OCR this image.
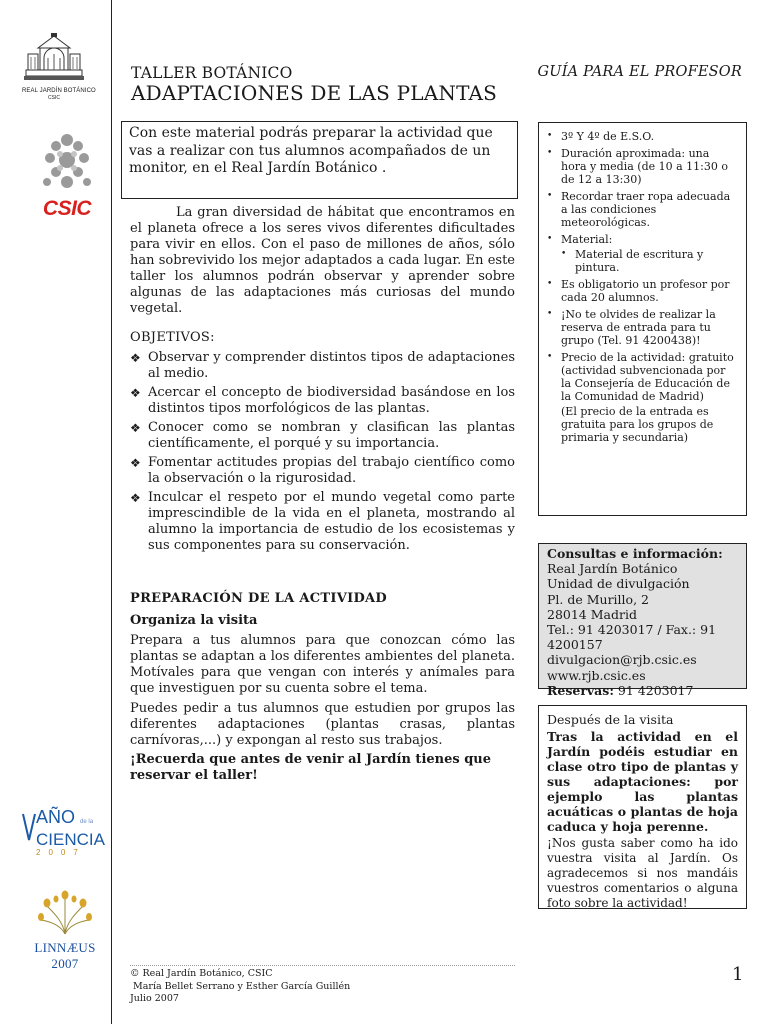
REAL JARDÍN BOTÁNICO
CSIC
CSIC
AÑO de la
CIENCIA
2007
LINNÆUS 2007
TALLER BOTÁNICO
ADAPTACIONES DE LAS PLANTAS
GUÍA PARA EL PROFESOR
Con este material podrás preparar la actividad que vas a realizar con tus alumnos acompañados de un monitor, en el Real Jardín Botánico .
La gran diversidad de hábitat que encontramos en el planeta ofrece a los seres vivos diferentes dificultades para vivir en ellos. Con el paso de millones de años, sólo han sobrevivido los mejor adaptados a cada lugar. En este taller los alumnos podrán observar y aprender sobre algunas de las adaptaciones más curiosas del mundo vegetal.
OBJETIVOS:
❖ Observar y comprender distintos tipos de adaptaciones al medio.
❖ Acercar el concepto de biodiversidad basándose en los distintos tipos morfológicos de las plantas.
❖ Conocer como se nombran y clasifican las plantas científicamente, el porqué y su importancia.
❖ Fomentar actitudes propias del trabajo científico como la observación o la rigurosidad.
❖ Inculcar el respeto por el mundo vegetal como parte imprescindible de la vida en el planeta, mostrando al alumno la importancia de estudio de los ecosistemas y sus componentes para su conservación.
PREPARACIÓN DE LA ACTIVIDAD
Organiza la visita

Prepara a tus alumnos para que conozcan cómo las plantas se adaptan a los diferentes ambientes del planeta. Motívales para que vengan con interés y anímales para que investiguen por su cuenta sobre el tema.

Puedes pedir a tus alumnos que estudien por grupos las diferentes adaptaciones (plantas crasas, plantas carnívoras,...) y expongan al resto sus trabajos.

¡Recuerda que antes de venir al Jardín tienes que reservar el taller!

• 3º Y 4º de E.S.O.
• Duración aproximada: una hora y media (de 10 a 11:30 o de 12 a 13:30)
• Recordar traer ropa adecuada a las condiciones meteorológicas.
• Material:
• Material de escritura y pintura.
• Es obligatorio un profesor por cada 20 alumnos.
• ¡No te olvides de realizar la reserva de entrada para tu grupo (Tel. 91 4200438)!
• Precio de la actividad: gratuito (actividad subvencionada por la Consejería de Educación de la Comunidad de Madrid)
(El precio de la entrada es gratuita para los grupos de primaria y secundaria)
Consultas e información:
Real Jardín Botánico
Unidad de divulgación
Pl. de Murillo, 2
28014 Madrid
Tel.: 91 4203017 / Fax.: 91 4200157
divulgacion@rjb.csic.es
www.rjb.csic.es
Reservas: 91 4203017
Después de la visita
Tras la actividad en el Jardín podéis estudiar en clase otro tipo de plantas y sus adaptaciones: por ejemplo las plantas acuáticas o plantas de hoja caduca y hoja perenne.
¡Nos gusta saber como ha ido vuestra visita al Jardín. Os agradecemos si nos mandáis vuestros comentarios o alguna foto sobre la actividad!
© Real Jardín Botánico, CSIC
María Bellet Serrano y Esther García Guillén
Julio 2007
1
